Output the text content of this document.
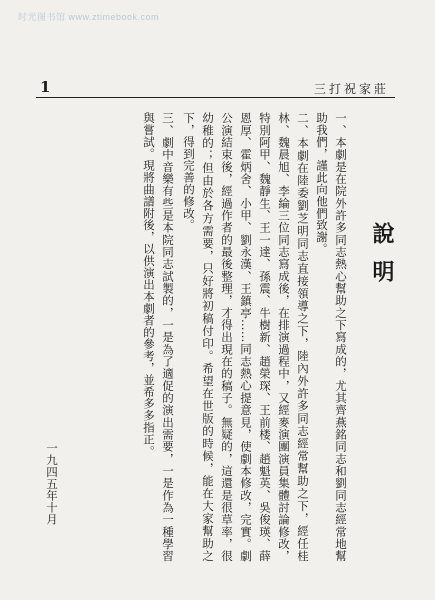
时光图书馆 www.ztimebook.com
1	三打祝家莊
說明

一、本劇是在院外許多同志熱心幫助之下寫成的，尤其齊燕銘同志和劉同志經常地幫助我們，謹此向他們致謝。

二、本劇在陸委劉芝明同志直接領導之下，陸內外許多同志經常幫助之下，經任桂林、魏晨旭、李綸三位同志寫成後，在排演過程中，又經麥演團演員集體討論修改，特別阿甲、魏靜生、王一達、孫震、牛樹新、趙榮琛、王前楼、趙魁英、吳俊瑛、薛恩厚、霍炳舍、小甲、劉永漢、王鎮亭……同志熱心提意見，使劇本修改，完實。劇公演結束後，經過作者的最後整理，才得出現在的稿子。無疑的，這還是很草率，很幼稚的；但由於各方需要，只好將初稿付印。希望在世版的時候，能在大家幫助之下，得到完善的修改。

三、劇中音樂有些是本院同志試製的，一是為了適促的演出需要，一是作為一種學習與嘗試。現將曲譜附後，以供演出本劇者的參考，並希多多指正。

一九四五年十月
